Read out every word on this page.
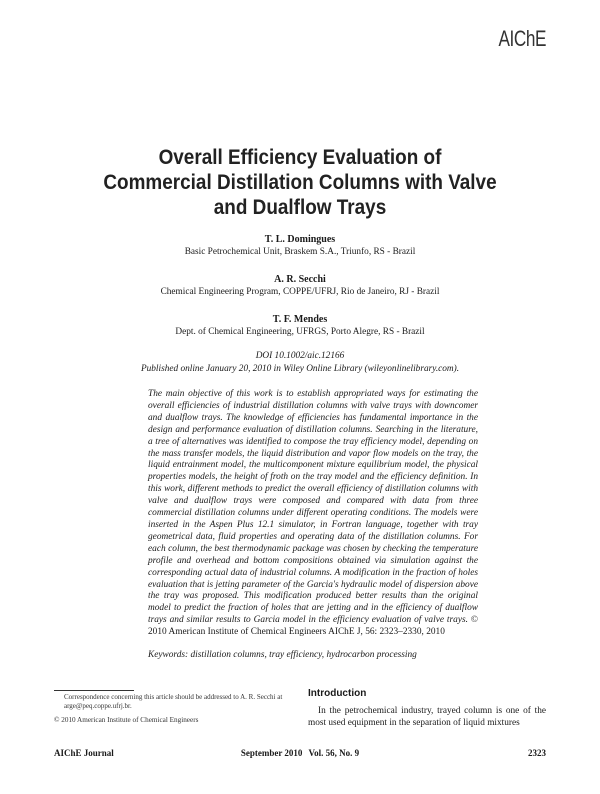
AIChE
Overall Efficiency Evaluation of
Commercial Distillation Columns with Valve
and Dualflow Trays
T. L. Domingues
Basic Petrochemical Unit, Braskem S.A., Triunfo, RS - Brazil
A. R. Secchi
Chemical Engineering Program, COPPE/UFRJ, Rio de Janeiro, RJ - Brazil
T. F. Mendes
Dept. of Chemical Engineering, UFRGS, Porto Alegre, RS - Brazil
DOI 10.1002/aic.12166
Published online January 20, 2010 in Wiley Online Library (wileyonlinelibrary.com).

The main objective of this work is to establish appropriated ways for estimating the overall efficiencies of industrial distillation columns with valve trays with downcomer and dualflow trays. The knowledge of efficiencies has fundamental importance in the design and performance evaluation of distillation columns. Searching in the literature, a tree of alternatives was identified to compose the tray efficiency model, depending on the mass transfer models, the liquid distribution and vapor flow models on the tray, the liquid entrainment model, the multicomponent mixture equilibrium model, the physical properties models, the height of froth on the tray model and the efficiency definition. In this work, different methods to predict the overall efficiency of distillation columns with valve and dualflow trays were composed and compared with data from three commercial distillation columns under different operating conditions. The models were inserted in the Aspen Plus 12.1 simulator, in Fortran language, together with tray geometrical data, fluid properties and operating data of the distillation columns. For each column, the best thermodynamic package was chosen by checking the temperature profile and overhead and bottom compositions obtained via simulation against the corresponding actual data of industrial columns. A modification in the fraction of holes evaluation that is jetting parameter of the Garcia's hydraulic model of dispersion above the tray was proposed. This modification produced better results than the original model to predict the fraction of holes that are jetting and in the efficiency of dualflow trays and similar results to Garcia model in the efficiency evaluation of valve trays. © 2010 American Institute of Chemical Engineers AIChE J, 56: 2323–2330, 2010

Keywords: distillation columns, tray efficiency, hydrocarbon processing
Correspondence concerning this article should be addressed to A. R. Secchi at arge@peq.coppe.ufrj.br.
© 2010 American Institute of Chemical Engineers
Introduction

In the petrochemical industry, trayed column is one of the most used equipment in the separation of liquid mixtures

AIChE Journal	September 2010 Vol. 56, No. 9	2323
